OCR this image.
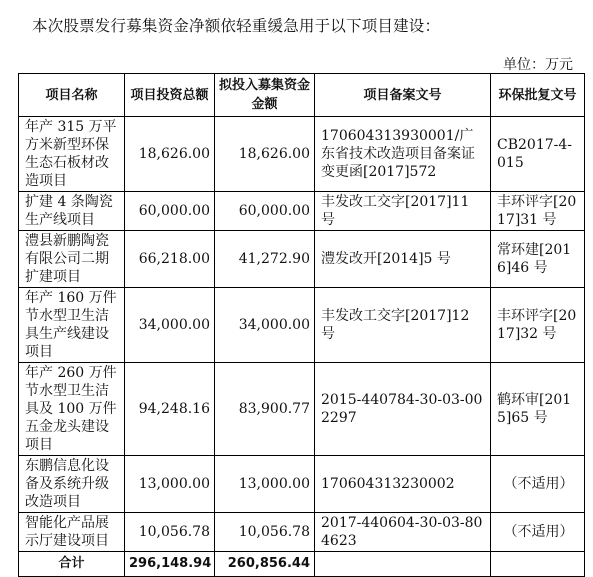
本次股票发行募集资金净额依轻重缓急用于以下项目建设：
单位：万元
项目名称	项目投资总额	拟投入募集资金金额	项目备案文号	环保批复文号
年产 315 万平方米新型环保生态石板材改造项目	18,626.00	18,626.00	170604313930001/广东省技术改造项目备案证变更函[2017]572	CB2017-4-015
扩建 4 条陶瓷生产线项目	60,000.00	60,000.00	丰发改工交字[2017]11 号	丰环评字[2017]31 号
澧县新鹏陶瓷有限公司二期扩建项目	66,218.00	41,272.90	澧发改开[2014]5 号	常环建[2016]46 号
年产 160 万件节水型卫生洁具生产线建设项目	34,000.00	34,000.00	丰发改工交字[2017]12 号	丰环评字[2017]32 号
年产 260 万件节水型卫生洁具及 100 万件五金龙头建设项目	94,248.16	83,900.77	2015-440784-30-03-002297	鹤环审[2015]65 号
东鹏信息化设备及系统升级改造项目	13,000.00	13,000.00	170604313230002	（不适用）
智能化产品展示厅建设项目	10,056.78	10,056.78	2017-440604-30-03-804623	（不适用）
合计	296,148.94	260,856.44		
